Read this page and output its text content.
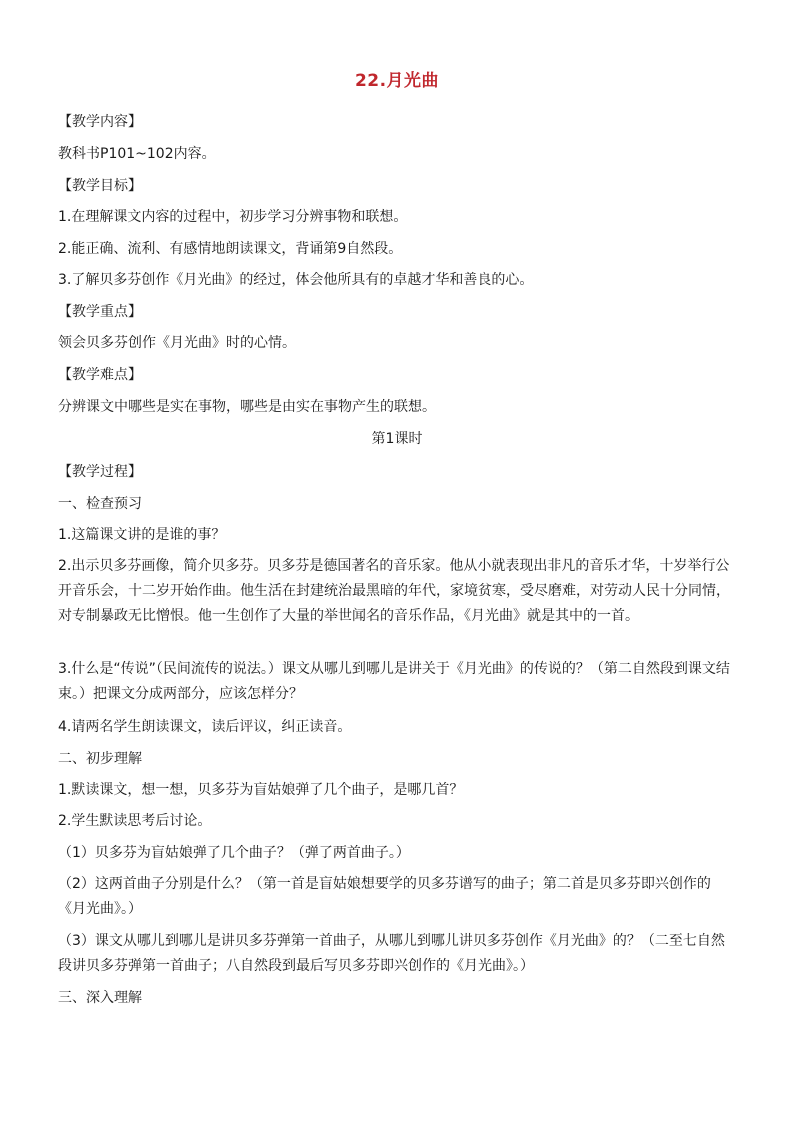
22.月光曲
【教学内容】
教科书P101~102内容。
【教学目标】
1.在理解课文内容的过程中，初步学习分辨事物和联想。
2.能正确、流利、有感情地朗读课文，背诵第9自然段。
3.了解贝多芬创作《月光曲》的经过，体会他所具有的卓越才华和善良的心。
【教学重点】
领会贝多芬创作《月光曲》时的心情。
【教学难点】
分辨课文中哪些是实在事物，哪些是由实在事物产生的联想。
第1课时
【教学过程】
一、检查预习
1.这篇课文讲的是谁的事？
2.出示贝多芬画像，简介贝多芬。贝多芬是德国著名的音乐家。他从小就表现出非凡的音乐才华，十岁举行公开音乐会，十二岁开始作曲。他生活在封建统治最黑暗的年代，家境贫寒，受尽磨难，对劳动人民十分同情，对专制暴政无比憎恨。他一生创作了大量的举世闻名的音乐作品，《月光曲》就是其中的一首。
3.什么是“传说”（民间流传的说法。）课文从哪儿到哪儿是讲关于《月光曲》的传说的？（第二自然段到课文结束。）把课文分成两部分，应该怎样分？
4.请两名学生朗读课文，读后评议，纠正读音。
二、初步理解
1.默读课文，想一想，贝多芬为盲姑娘弹了几个曲子，是哪几首？
2.学生默读思考后讨论。
（1）贝多芬为盲姑娘弹了几个曲子？（弹了两首曲子。）
（2）这两首曲子分别是什么？（第一首是盲姑娘想要学的贝多芬谱写的曲子；第二首是贝多芬即兴创作的《月光曲》。）
（3）课文从哪儿到哪儿是讲贝多芬弹第一首曲子，从哪儿到哪儿讲贝多芬创作《月光曲》的？（二至七自然段讲贝多芬弹第一首曲子；八自然段到最后写贝多芬即兴创作的《月光曲》。）
三、深入理解
